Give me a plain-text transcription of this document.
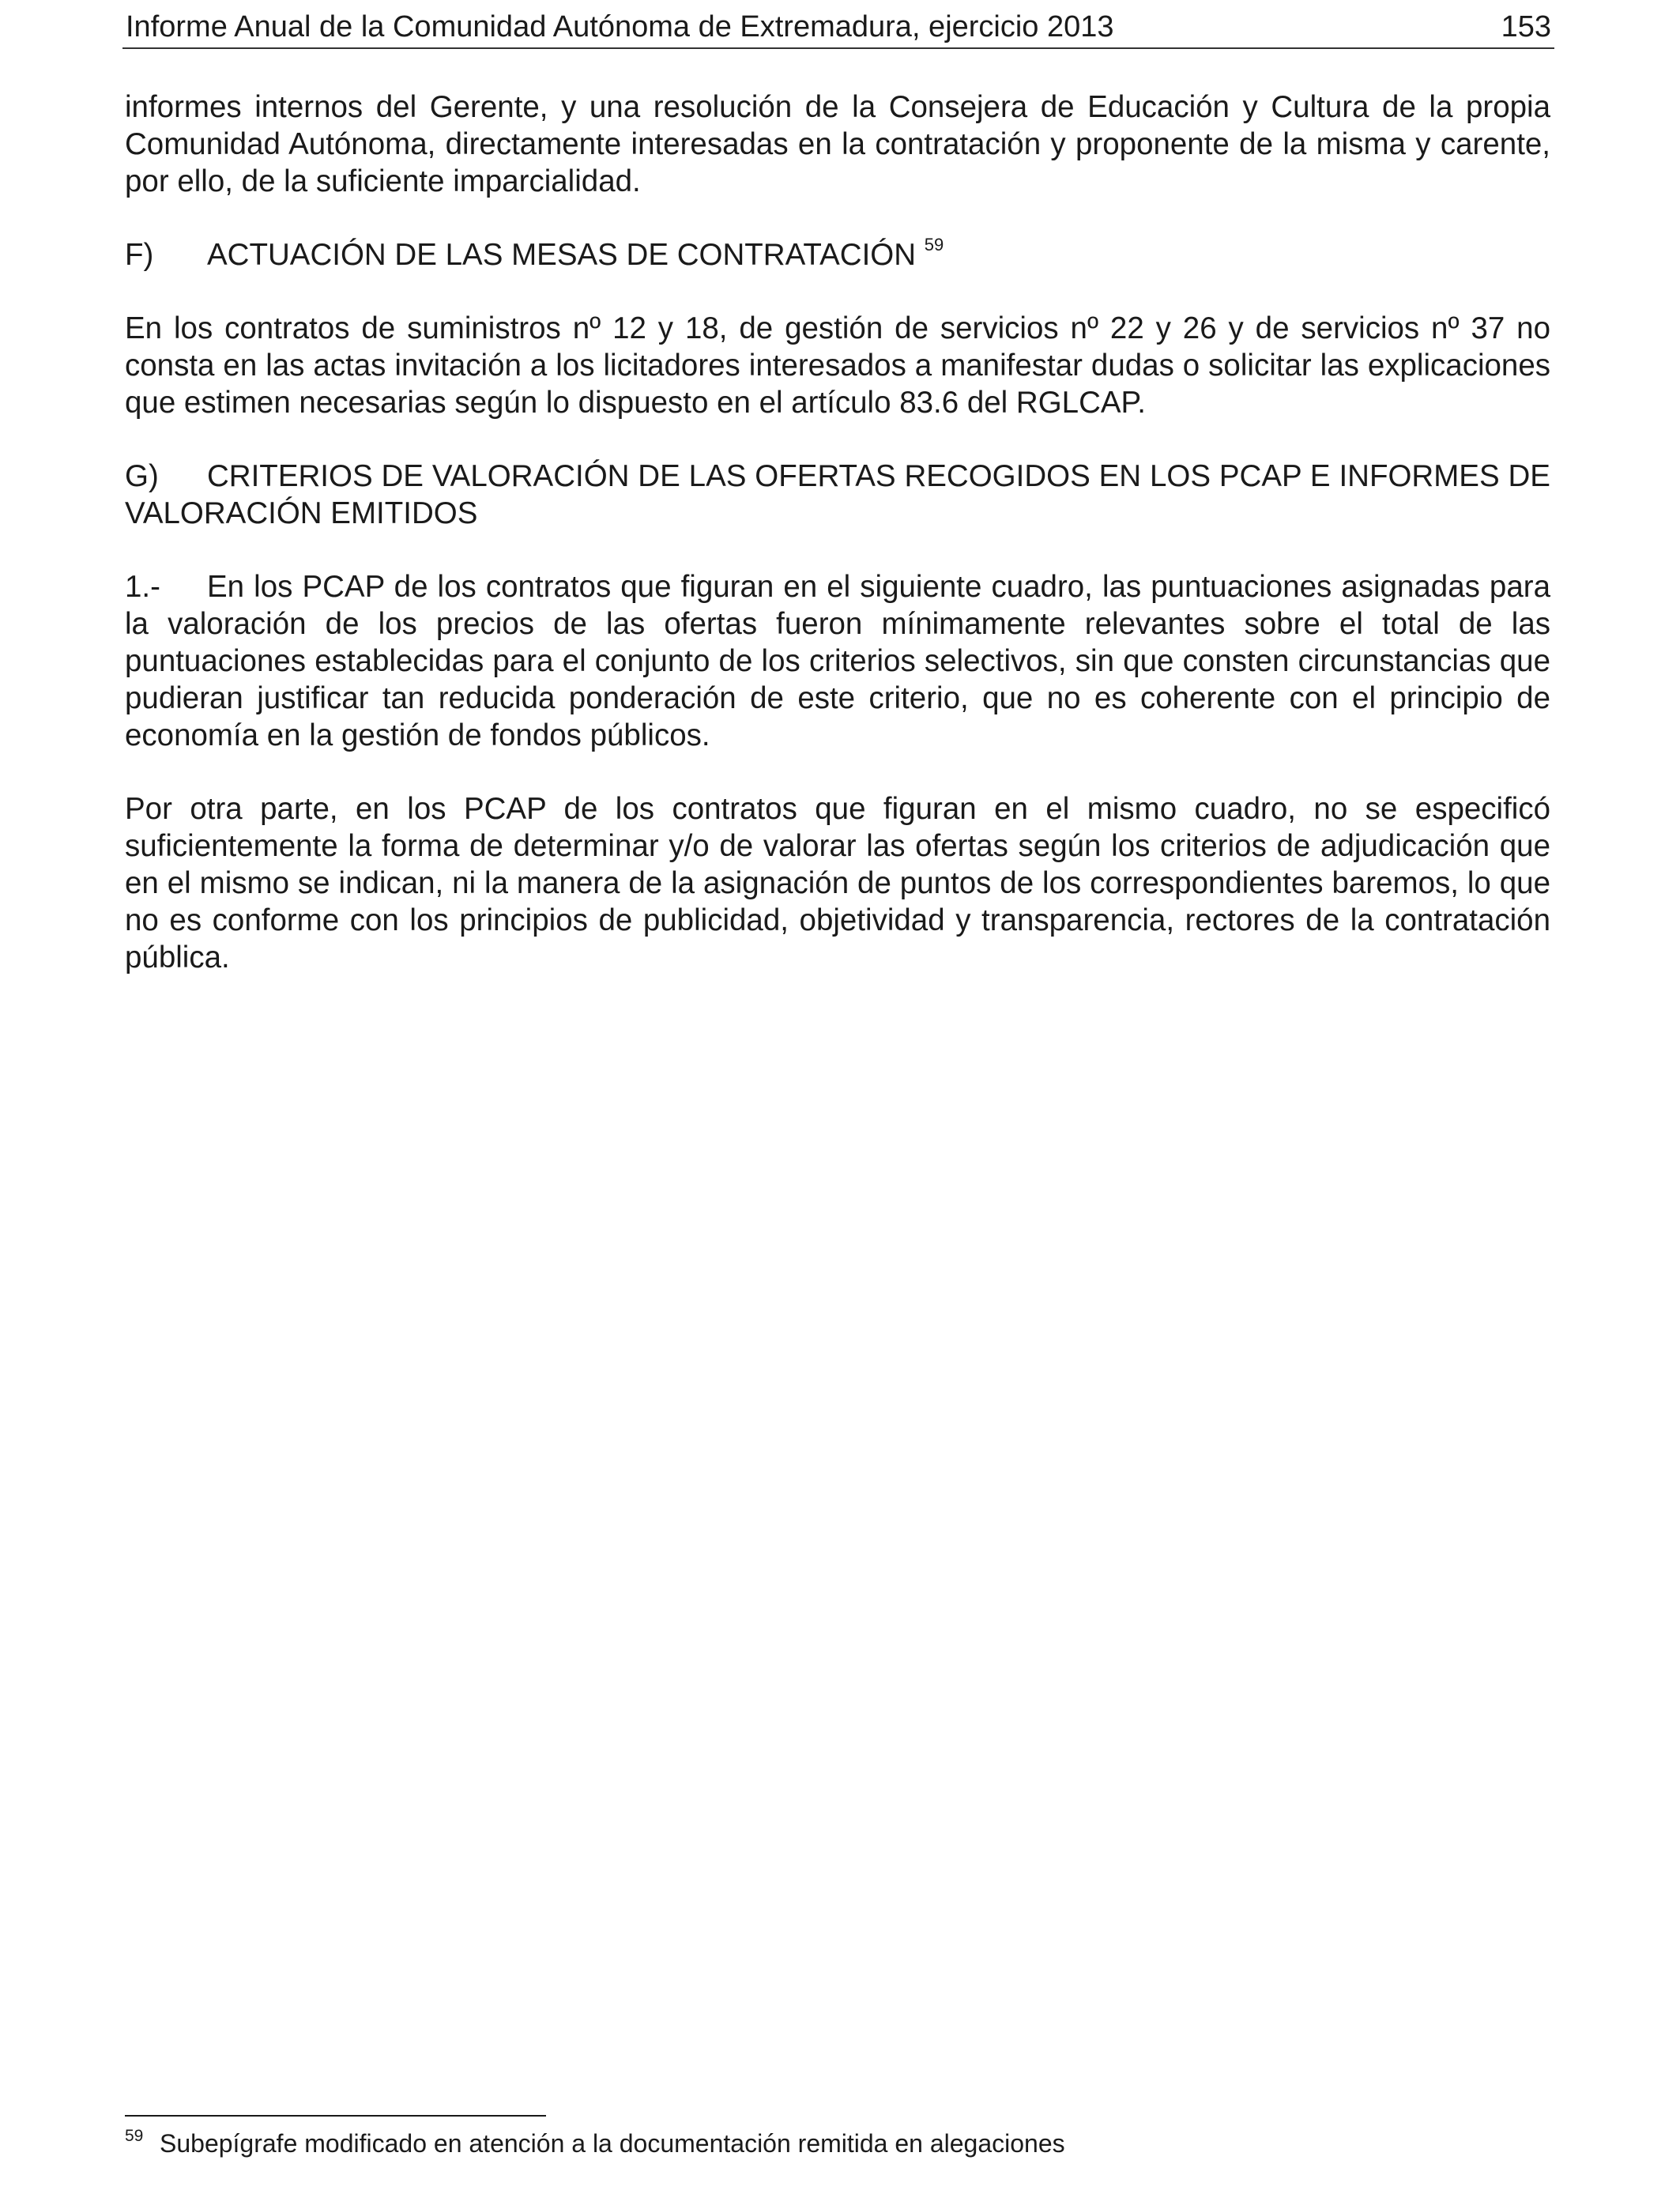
Informe Anual de la Comunidad Autónoma de Extremadura, ejercicio 2013	153

informes internos del Gerente, y una resolución de la Consejera de Educación y Cultura de la propia Comunidad Autónoma, directamente interesadas en la contratación y proponente de la misma y carente, por ello, de la suficiente imparcialidad.

F) ACTUACIÓN DE LAS MESAS DE CONTRATACIÓN $^{59}$

En los contratos de suministros nº 12 y 18, de gestión de servicios nº 22 y 26 y de servicios nº 37 no consta en las actas invitación a los licitadores interesados a manifestar dudas o solicitar las explicaciones que estimen necesarias según lo dispuesto en el artículo 83.6 del RGLCAP.

G) CRITERIOS DE VALORACIÓN DE LAS OFERTAS RECOGIDOS EN LOS PCAP E INFORMES DE VALORACIÓN EMITIDOS

1.- En los PCAP de los contratos que figuran en el siguiente cuadro, las puntuaciones asignadas para la valoración de los precios de las ofertas fueron mínimamente relevantes sobre el total de las puntuaciones establecidas para el conjunto de los criterios selectivos, sin que consten circunstancias que pudieran justificar tan reducida ponderación de este criterio, que no es coherente con el principio de economía en la gestión de fondos públicos.

Por otra parte, en los PCAP de los contratos que figuran en el mismo cuadro, no se especificó suficientemente la forma de determinar y/o de valorar las ofertas según los criterios de adjudicación que en el mismo se indican, ni la manera de la asignación de puntos de los correspondientes baremos, lo que no es conforme con los principios de publicidad, objetividad y transparencia, rectores de la contratación pública.

59 Subepígrafe modificado en atención a la documentación remitida en alegaciones
